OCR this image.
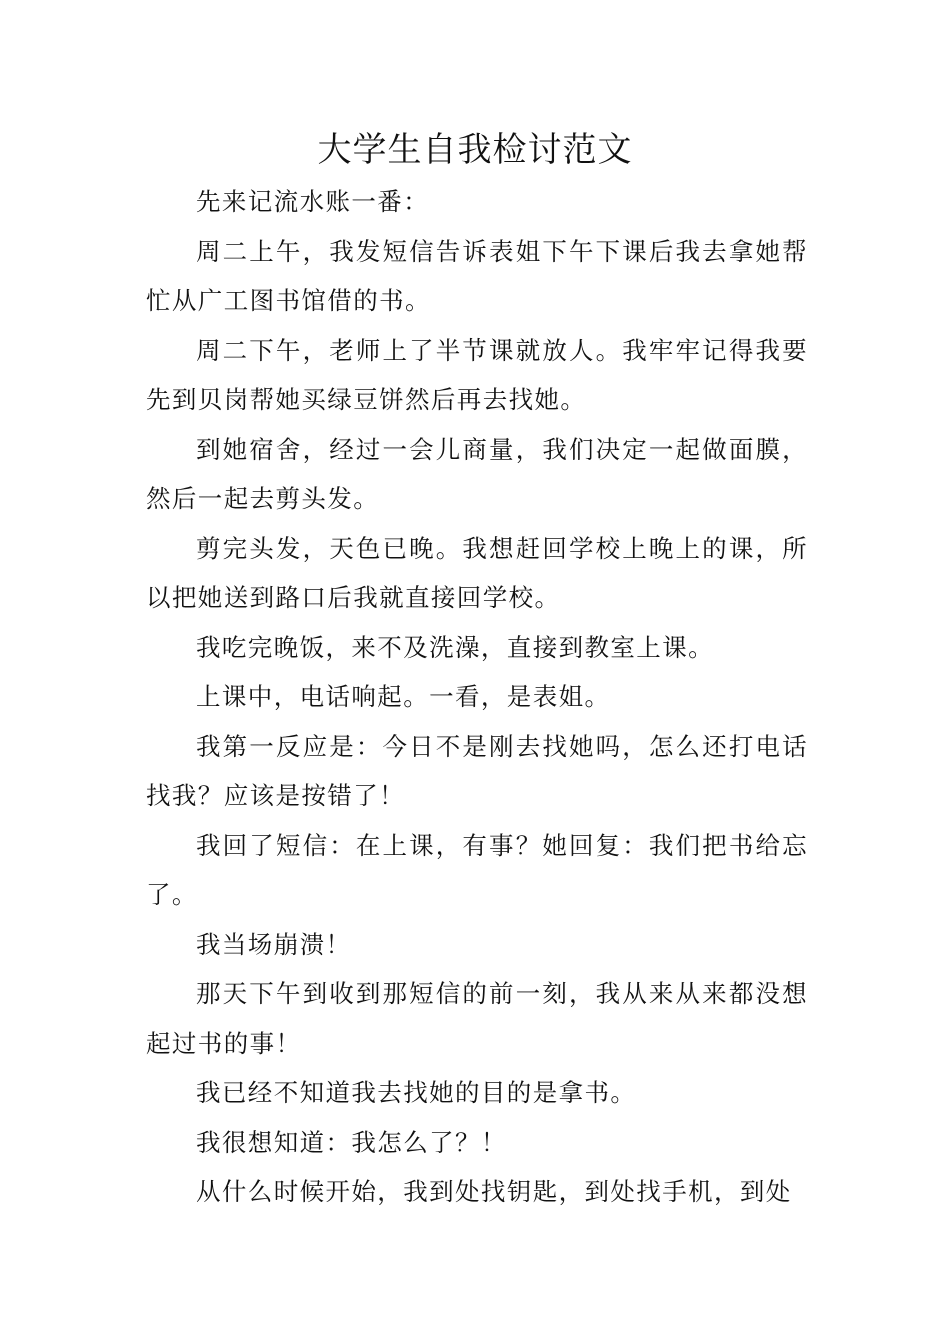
大学生自我检讨范文

先来记流水账一番：

周二上午，我发短信告诉表姐下午下课后我去拿她帮忙从广工图书馆借的书。

周二下午，老师上了半节课就放人。我牢牢记得我要先到贝岗帮她买绿豆饼然后再去找她。

到她宿舍，经过一会儿商量，我们决定一起做面膜，然后一起去剪头发。

剪完头发，天色已晚。我想赶回学校上晚上的课，所以把她送到路口后我就直接回学校。

我吃完晚饭，来不及洗澡，直接到教室上课。

上课中，电话响起。一看，是表姐。

我第一反应是：今日不是刚去找她吗，怎么还打电话找我？应该是按错了！

我回了短信：在上课，有事？她回复：我们把书给忘了。

我当场崩溃！

那天下午到收到那短信的前一刻，我从来从来都没想起过书的事！

我已经不知道我去找她的目的是拿书。

我很想知道：我怎么了？！

从什么时候开始，我到处找钥匙，到处找手机，到处
